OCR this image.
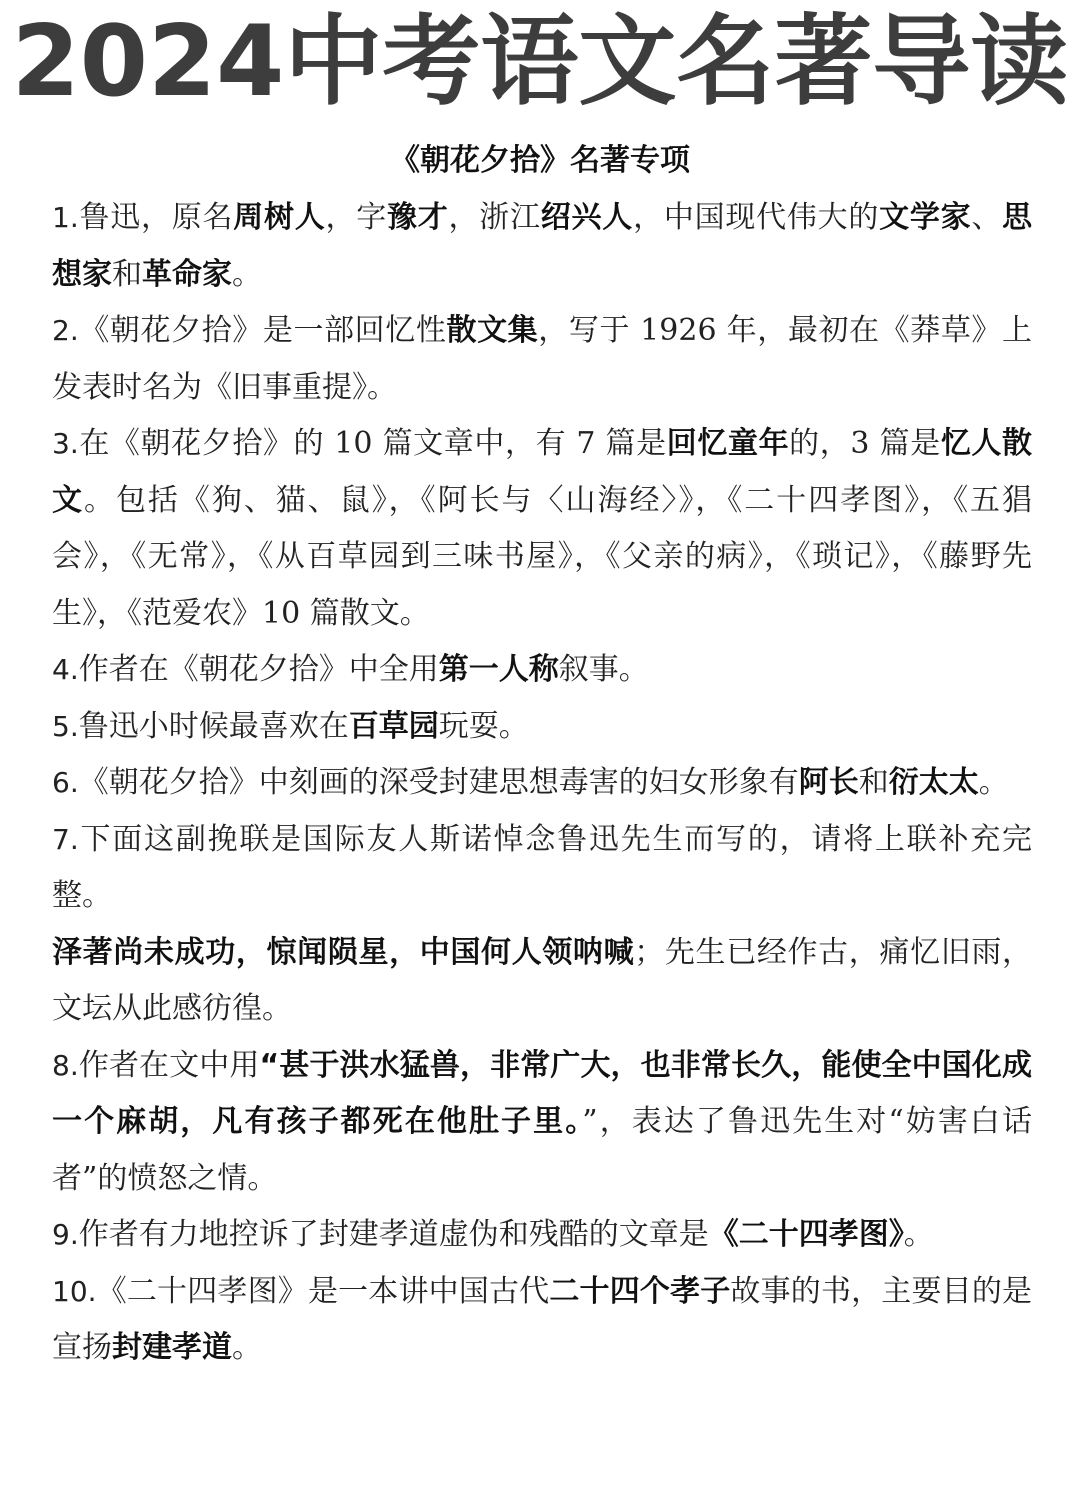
2024中考语文名著导读
《朝花夕拾》名著专项

1.鲁迅，原名周树人，字豫才，浙江绍兴人，中国现代伟大的文学家、思想家和革命家。

2.《朝花夕拾》是一部回忆性散文集，写于 1926 年，最初在《莽草》上发表时名为《旧事重提》。

3.在《朝花夕拾》的 10 篇文章中，有 7 篇是回忆童年的，3 篇是忆人散文。包括《狗、猫、鼠》，《阿长与〈山海经〉》，《二十四孝图》，《五猖会》，《无常》，《从百草园到三味书屋》，《父亲的病》，《琐记》，《藤野先生》，《范爱农》10 篇散文。

4.作者在《朝花夕拾》中全用第一人称叙事。

5.鲁迅小时候最喜欢在百草园玩耍。

6.《朝花夕拾》中刻画的深受封建思想毒害的妇女形象有阿长和衍太太。

7.下面这副挽联是国际友人斯诺悼念鲁迅先生而写的，请将上联补充完整。

泽著尚未成功，惊闻陨星，中国何人领呐喊；先生已经作古，痛忆旧雨，文坛从此感彷徨。

8.作者在文中用“甚于洪水猛兽，非常广大，也非常长久，能使全中国化成一个麻胡，凡有孩子都死在他肚子里。”，表达了鲁迅先生对“妨害白话者”的愤怒之情。

9.作者有力地控诉了封建孝道虚伪和残酷的文章是《二十四孝图》。

10.《二十四孝图》是一本讲中国古代二十四个孝子故事的书，主要目的是宣扬封建孝道。
